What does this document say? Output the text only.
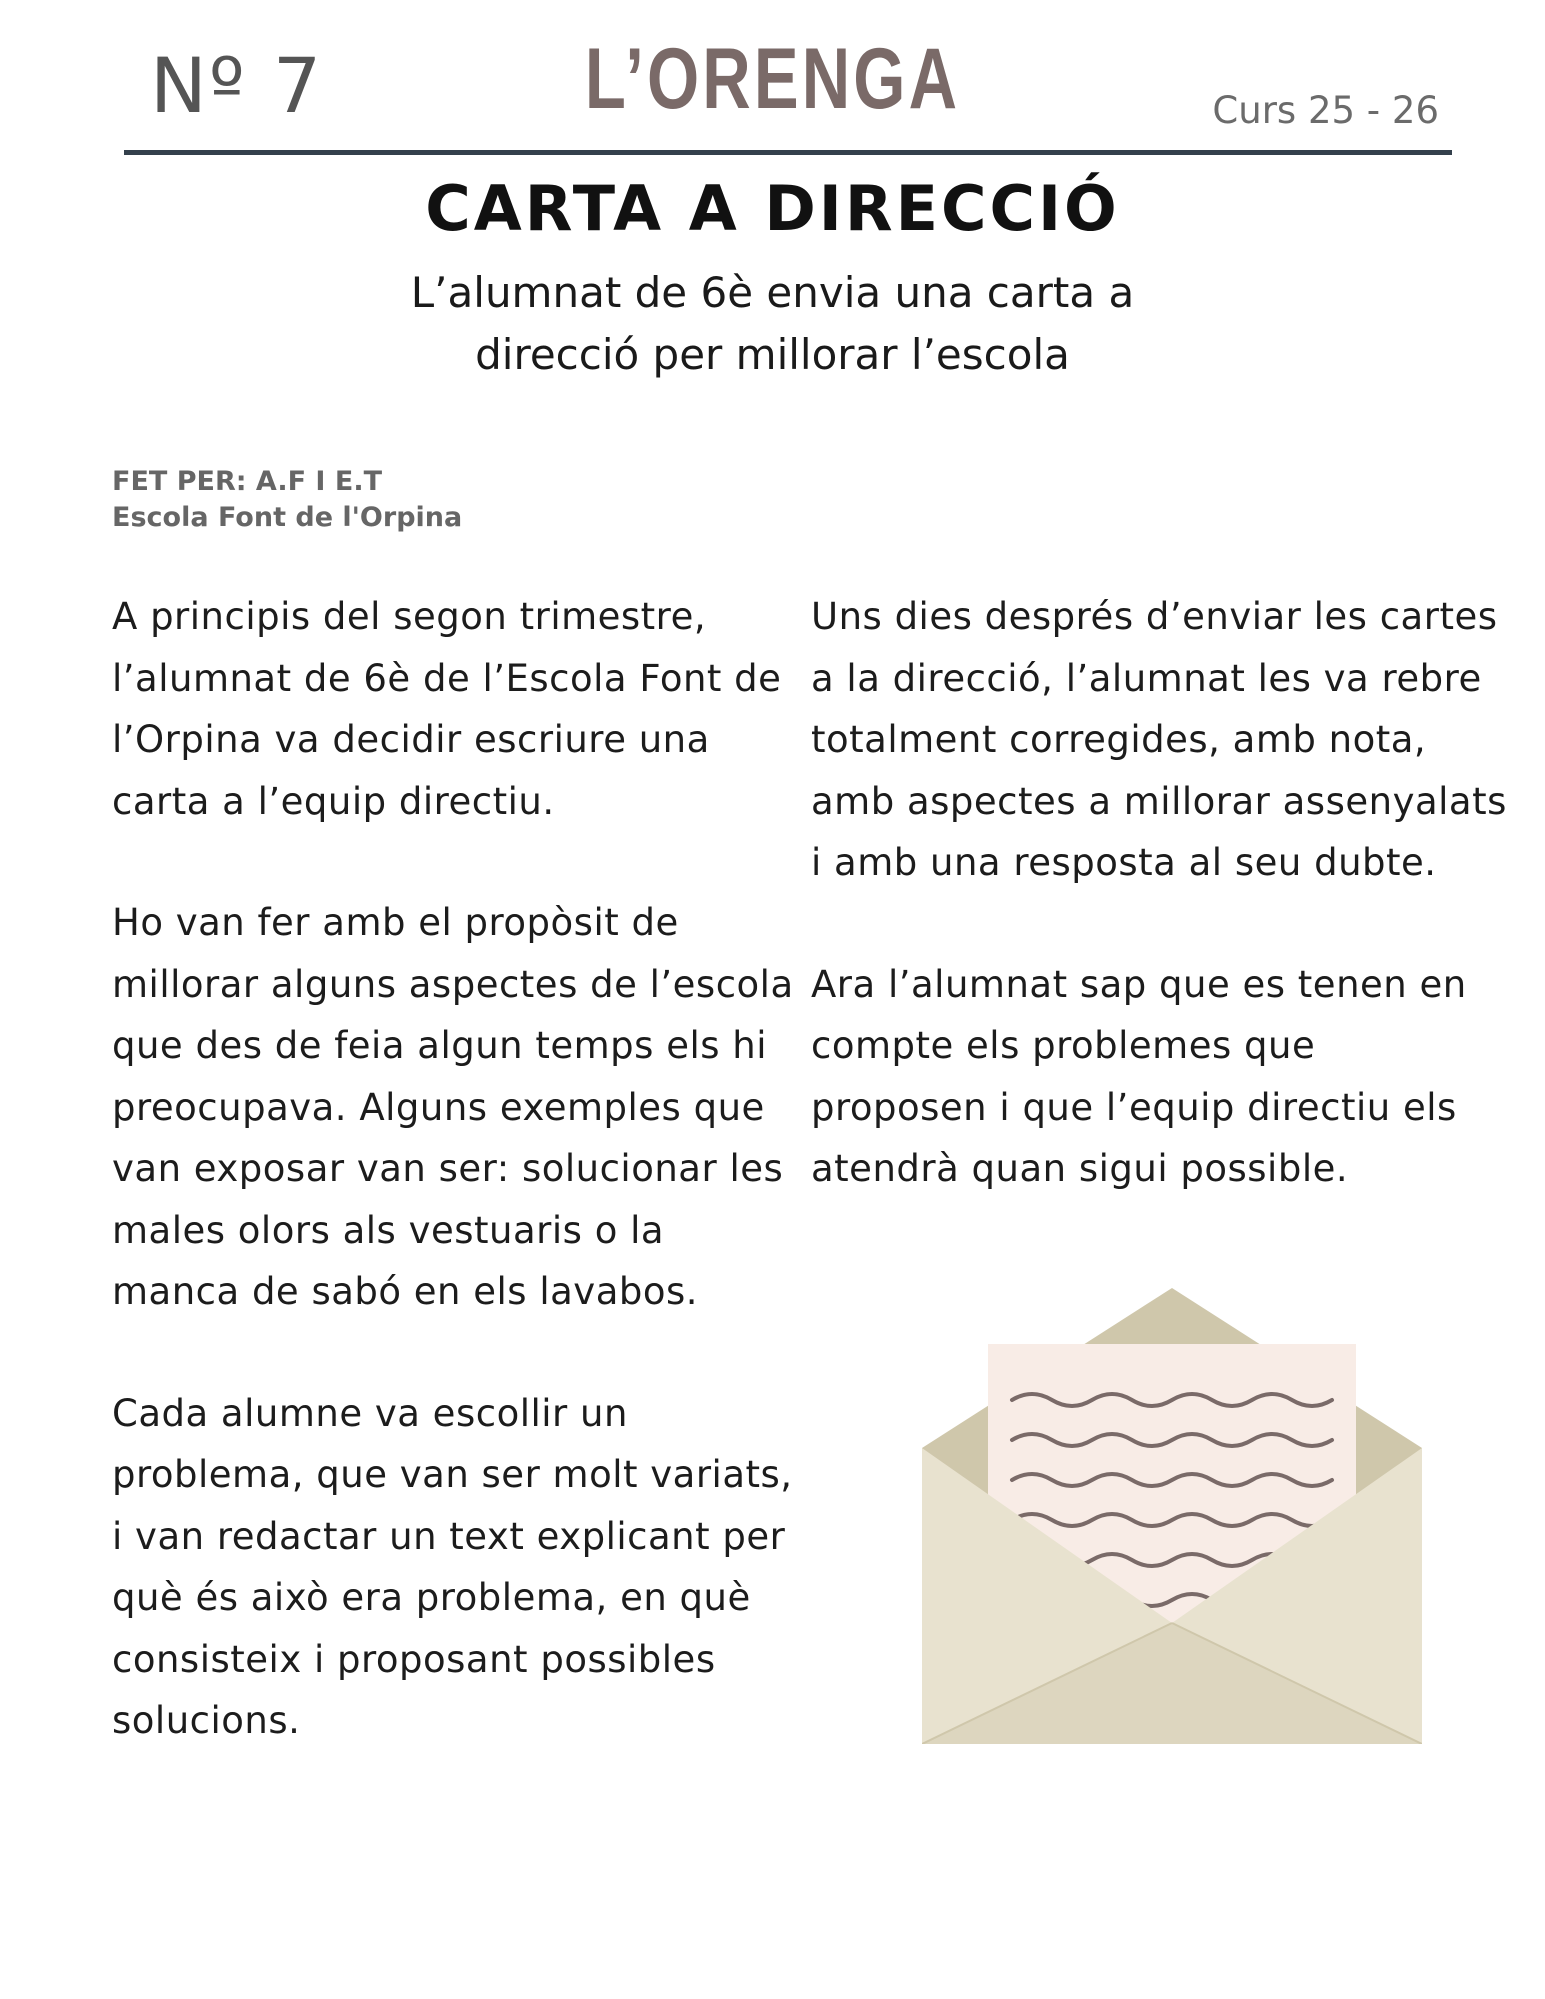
Nº 7	L’ORENGA	Curs 25 - 26
CARTA A DIRECCIÓ
L’alumnat de 6è envia una carta a
direcció per millorar l’escola
FET PER: A.F I E.T
Escola Font de l'Orpina

A principis del segon trimestre,
l’alumnat de 6è de l’Escola Font de
l’Orpina va decidir escriure una
carta a l’equip directiu.

Ho van fer amb el propòsit de
millorar alguns aspectes de l’escola
que des de feia algun temps els hi
preocupava. Alguns exemples que
van exposar van ser: solucionar les
males olors als vestuaris o la
manca de sabó en els lavabos.

Cada alumne va escollir un
problema, que van ser molt variats,
i van redactar un text explicant per
què és això era problema, en què
consisteix i proposant possibles
solucions.

Uns dies després d’enviar les cartes
a la direcció, l’alumnat les va rebre
totalment corregides, amb nota,
amb aspectes a millorar assenyalats
i amb una resposta al seu dubte.

Ara l’alumnat sap que es tenen en
compte els problemes que
proposen i que l’equip directiu els
atendrà quan sigui possible.
